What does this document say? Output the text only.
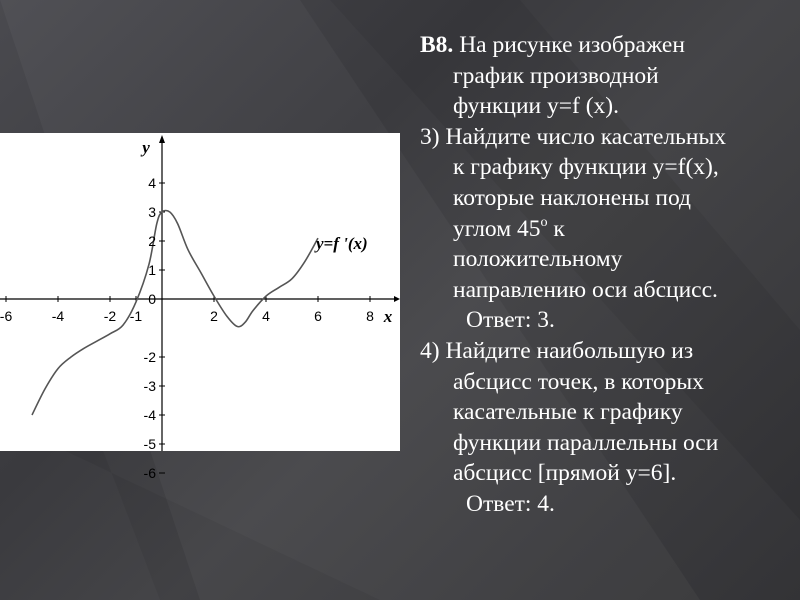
-6	-4	-2 -1	2	4	6	8
4
3
2
1
0
-2
-3
-4
-5
-6
x
y
y=f '(x)

B8. На рисунке изображен

график производной

функции y=f (x).

3) Найдите число касательных

к графику функции y=f(x),

которые наклонены под

углом $45^о$ к

положительному

направлению оси абсцисс.

Ответ: 3.

4) Найдите наибольшую из

абсцисс точек, в которых

касательные к графику

функции параллельны оси

абсцисс [прямой y=6].

Ответ: 4.
